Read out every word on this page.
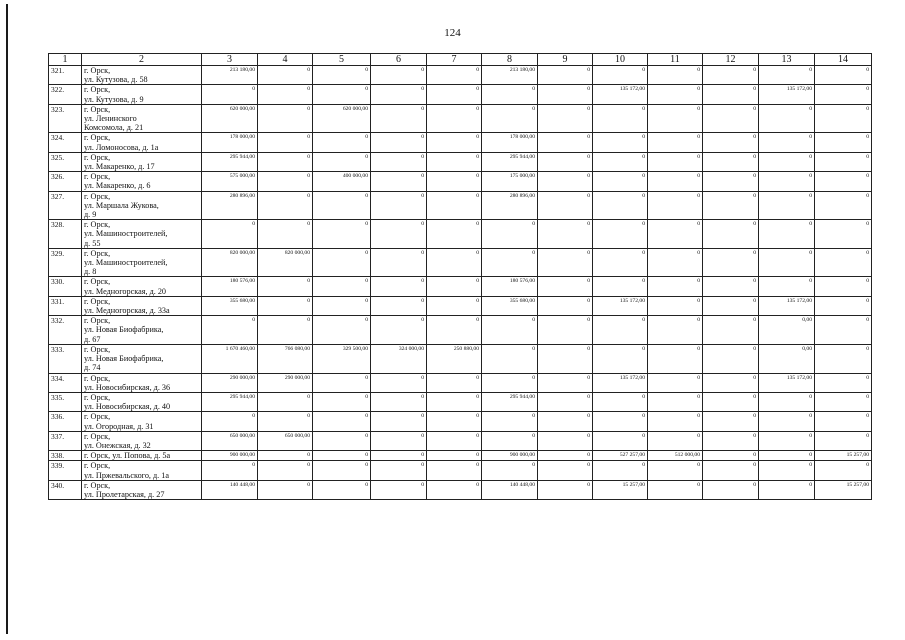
124
1	2	3	4	5	6	7	8	9	10	11	12	13	14
321.	г. Орск,
ул. Кутузова, д. 58	213 180,00	0	0	0	0	213 180,00	0	0	0	0	0	0
322.	г. Орск,
ул. Кутузова, д. 9	0	0	0	0	0	0	0	135 172,00	0	0	135 172,00	0
323.	г. Орск,
ул. Ленинского
Комсомола, д. 21	620 000,00	0	620 000,00	0	0	0	0	0	0	0	0	0
324.	г. Орск,
ул. Ломоносова, д. 1а	178 000,00	0	0	0	0	178 000,00	0	0	0	0	0	0
325.	г. Орск,
ул. Макаренко, д. 17	295 944,00	0	0	0	0	295 944,00	0	0	0	0	0	0
326.	г. Орск,
ул. Макаренко, д. 6	575 000,00	0	400 000,00	0	0	175 000,00	0	0	0	0	0	0
327.	г. Орск,
ул. Маршала Жукова,
д. 9	280 896,00	0	0	0	0	280 896,00	0	0	0	0	0	0
328.	г. Орск,
ул. Машиностроителей,
д. 55	0	0	0	0	0	0	0	0	0	0	0	0
329.	г. Орск,
ул. Машиностроителей,
д. 8	820 000,00	820 000,00	0	0	0	0	0	0	0	0	0	0
330.	г. Орск,
ул. Медногорская, д. 20	180 576,00	0	0	0	0	180 576,00	0	0	0	0	0	0
331.	г. Орск,
ул. Медногорская, д. 33а	355 680,00	0	0	0	0	355 680,00	0	135 172,00	0	0	135 172,00	0
332.	г. Орск,
ул. Новая Биофабрика,
д. 67	0	0	0	0	0	0	0	0	0	0	0,00	0
333.	г. Орск,
ул. Новая Биофабрика,
д. 74	1 670 460,00	766 080,00	329 500,00	324 000,00	250 880,00	0	0	0	0	0	0,00	0
334.	г. Орск,
ул. Новосибирская, д. 36	290 000,00	290 000,00	0	0	0	0	0	135 172,00	0	0	135 172,00	0
335.	г. Орск,
ул. Новосибирская, д. 40	295 944,00	0	0	0	0	295 944,00	0	0	0	0	0	0
336.	г. Орск,
ул. Огородная, д. 31	0	0	0	0	0	0	0	0	0	0	0	0
337.	г. Орск,
ул. Онежская, д. 32	650 000,00	650 000,00	0	0	0	0	0	0	0	0	0	0
338.	г. Орск, ул. Попова, д. 5а	900 000,00	0	0	0	0	900 000,00	0	527 257,00	512 000,00	0	0	15 257,00
339.	г. Орск,
ул. Пржевальского, д. 1а	0	0	0	0	0	0	0	0	0	0	0	0
340.	г. Орск,
ул. Пролетарская, д. 27	140 448,00	0	0	0	0	140 448,00	0	15 257,00	0	0	0	15 257,00
